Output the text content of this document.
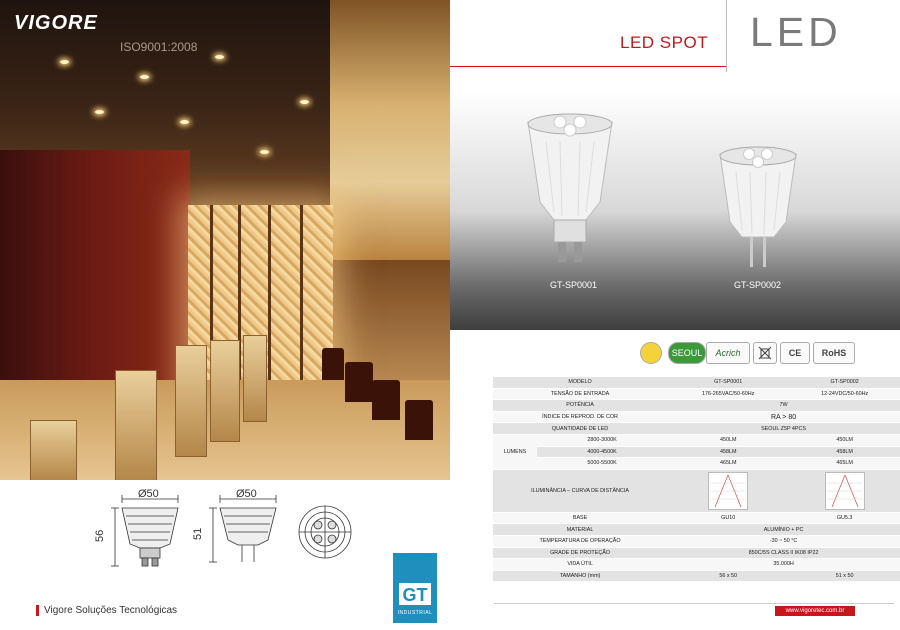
VIGORE
ISO9001:2008
Ø50
56
Ø50
51
Vigore Soluções Tecnológicas
GT
INDUSTRIAL
LED SPOT LED
GT-SP0001	GT-SP0002
SEOUL	Acrich	CE	RoHS
MODELO		GT-SP0001	GT-SP0002
TENSÃO DE ENTRADA		176-265VAC/50-60Hz	12-24VDC/50-60Hz
POTÊNCIA		7W	
ÍNDICE DE REPROD. DE COR		RA > 80	
QUANTIDADE DE LED		SEOUL Z5P 4PCS	
LUMENS	2800-3000K	450LM	450LM
	4000-4500K	458LM	458LM
	5000-5500K	465LM	465LM
ILUMINÂNCIA – CURVA DE DISTÂNCIA		
BASE		GU10	GU5.3
MATERIAL		ALUMÍNIO + PC	
TEMPERATURA DE OPERAÇÃO		-30 ~ 50 °C	
GRADE DE PROTEÇÃO		850C/5S CLASS II IK08 IP22	
VIDA ÚTIL		35.000H	
TAMANHO (mm)		56 x 50	51 x 50
www.vigoretec.com.br
